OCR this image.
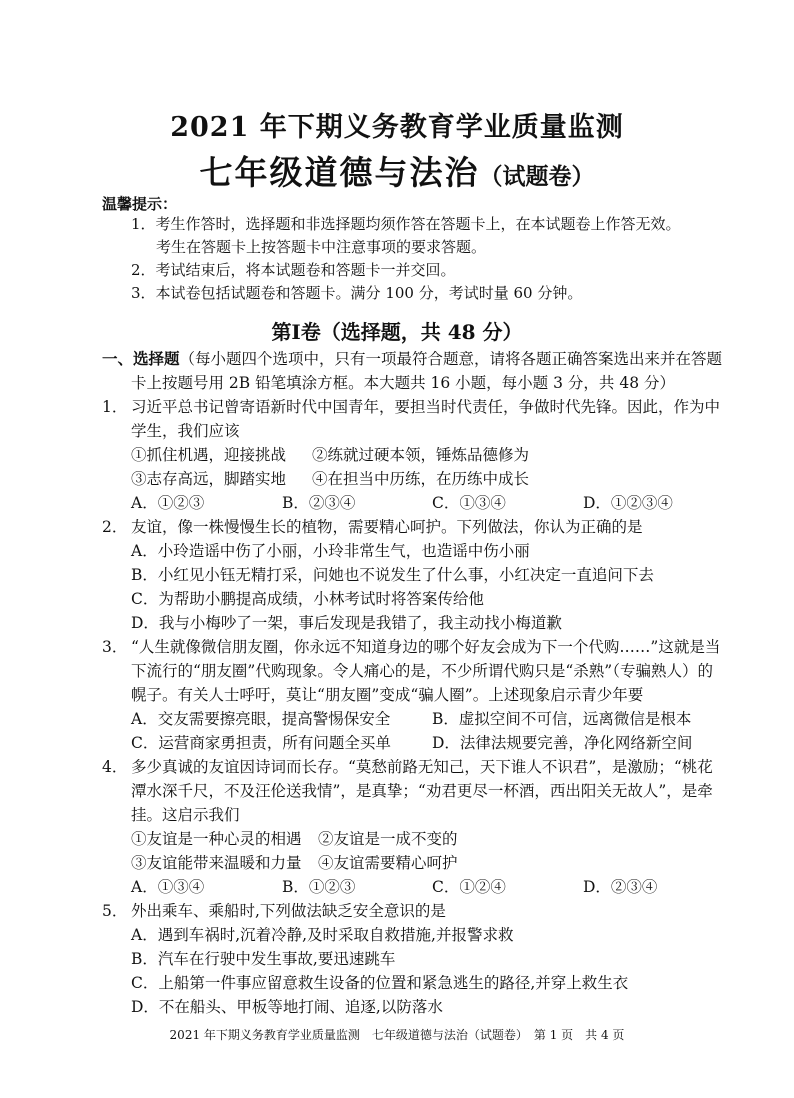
2021 年下期义务教育学业质量监测
七年级道德与法治（试题卷）
温馨提示：
1．考生作答时，选择题和非选择题均须作答在答题卡上，在本试题卷上作答无效。
考生在答题卡上按答题卡中注意事项的要求答题。
2．考试结束后，将本试题卷和答题卡一并交回。
3．本试卷包括试题卷和答题卡。满分 100 分，考试时量 60 分钟。
第Ⅰ卷（选择题，共 48 分）
一、选择题（每小题四个选项中，只有一项最符合题意，请将各题正确答案选出来并在答题
卡上按题号用 2B 铅笔填涂方框。本大题共 16 小题，每小题 3 分，共 48 分）
1． 习近平总书记曾寄语新时代中国青年，要担当时代责任，争做时代先锋。因此，作为中
学生，我们应该
①抓住机遇，迎接挑战 ②练就过硬本领，锤炼品德修为
③志存高远，脚踏实地 ④在担当中历练，在历练中成长
A．①②③	B．②③④	C．①③④	D．①②③④
2． 友谊，像一株慢慢生长的植物，需要精心呵护。下列做法，你认为正确的是
A．小玲造谣中伤了小丽，小玲非常生气，也造谣中伤小丽
B．小红见小钰无精打采，问她也不说发生了什么事，小红决定一直追问下去
C．为帮助小鹏提高成绩，小林考试时将答案传给他
D．我与小梅吵了一架，事后发现是我错了，我主动找小梅道歉
3． “人生就像微信朋友圈，你永远不知道身边的哪个好友会成为下一个代购……”这就是当
下流行的“朋友圈”代购现象。令人痛心的是，不少所谓代购只是“杀熟”（专骗熟人）的
幌子。有关人士呼吁，莫让“朋友圈”变成“骗人圈”。上述现象启示青少年要
A．交友需要擦亮眼，提高警惕保安全	B．虚拟空间不可信，远离微信是根本
C．运营商家勇担责，所有问题全买单	D．法律法规要完善，净化网络新空间
4． 多少真诚的友谊因诗词而长存。“莫愁前路无知己，天下谁人不识君”，是激励；“桃花
潭水深千尺，不及汪伦送我情”，是真挚；“劝君更尽一杯酒，西出阳关无故人”，是牵
挂。这启示我们
①友谊是一种心灵的相遇 ②友谊是一成不变的
③友谊能带来温暖和力量 ④友谊需要精心呵护
A．①③④	B．①②③	C．①②④	D．②③④
5． 外出乘车、乘船时,下列做法缺乏安全意识的是
A．遇到车祸时,沉着冷静,及时采取自救措施,并报警求救
B．汽车在行驶中发生事故,要迅速跳车
C．上船第一件事应留意救生设备的位置和紧急逃生的路径,并穿上救生衣
D．不在船头、甲板等地打闹、追逐,以防落水
2021 年下期义务教育学业质量监测　七年级道德与法治（试题卷）　第 1 页　共 4 页
